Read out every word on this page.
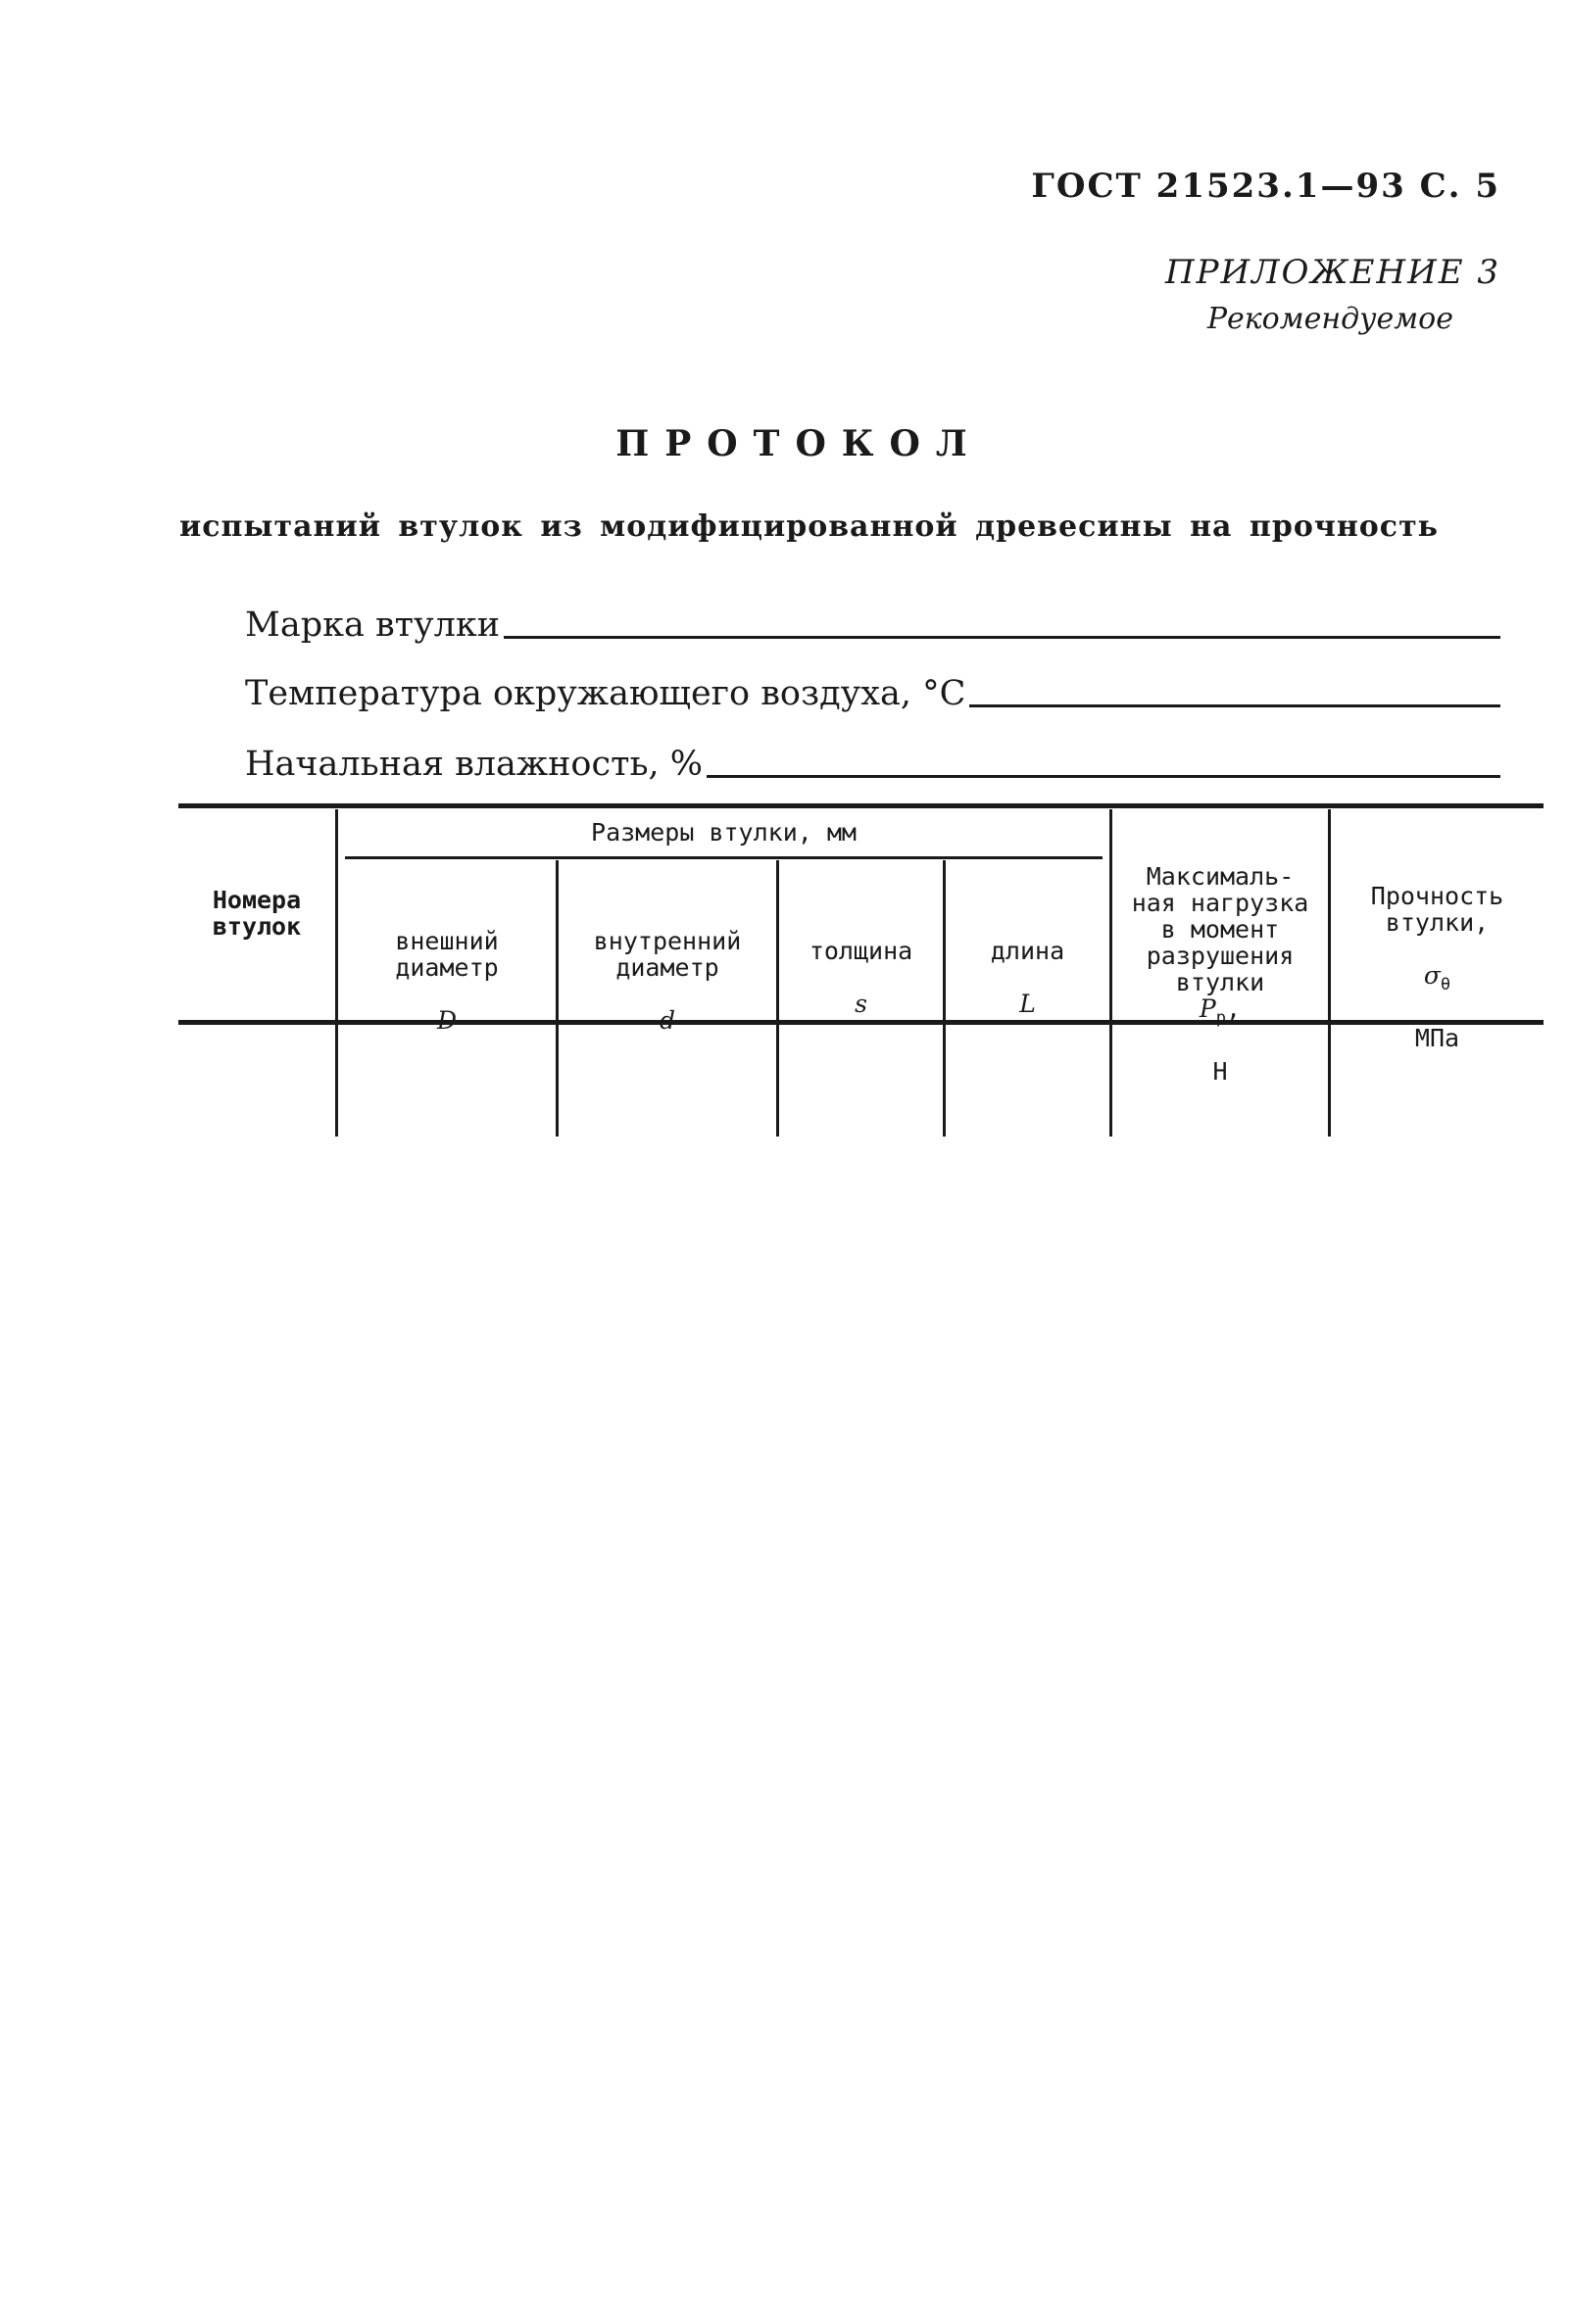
ГОСТ 21523.1—93 С. 5
ПРИЛОЖЕНИЕ 3
Рекомендуемое
ПРОТОКОЛ
испытаний втулок из модифицированной древесины на прочность
Марка втулки
Температура окружающего воздуха, °С
Начальная влажность, %
Номера
втулок
Размеры втулки, мм

внешний
диаметр

D

внутренний
диаметр

d

толщина

s

длина

L

Максималь-
ная нагрузка
в момент
разрушения
втулки
$P_р$,

Н

Прочность
втулки,

$\sigma_\theta$

МПа
